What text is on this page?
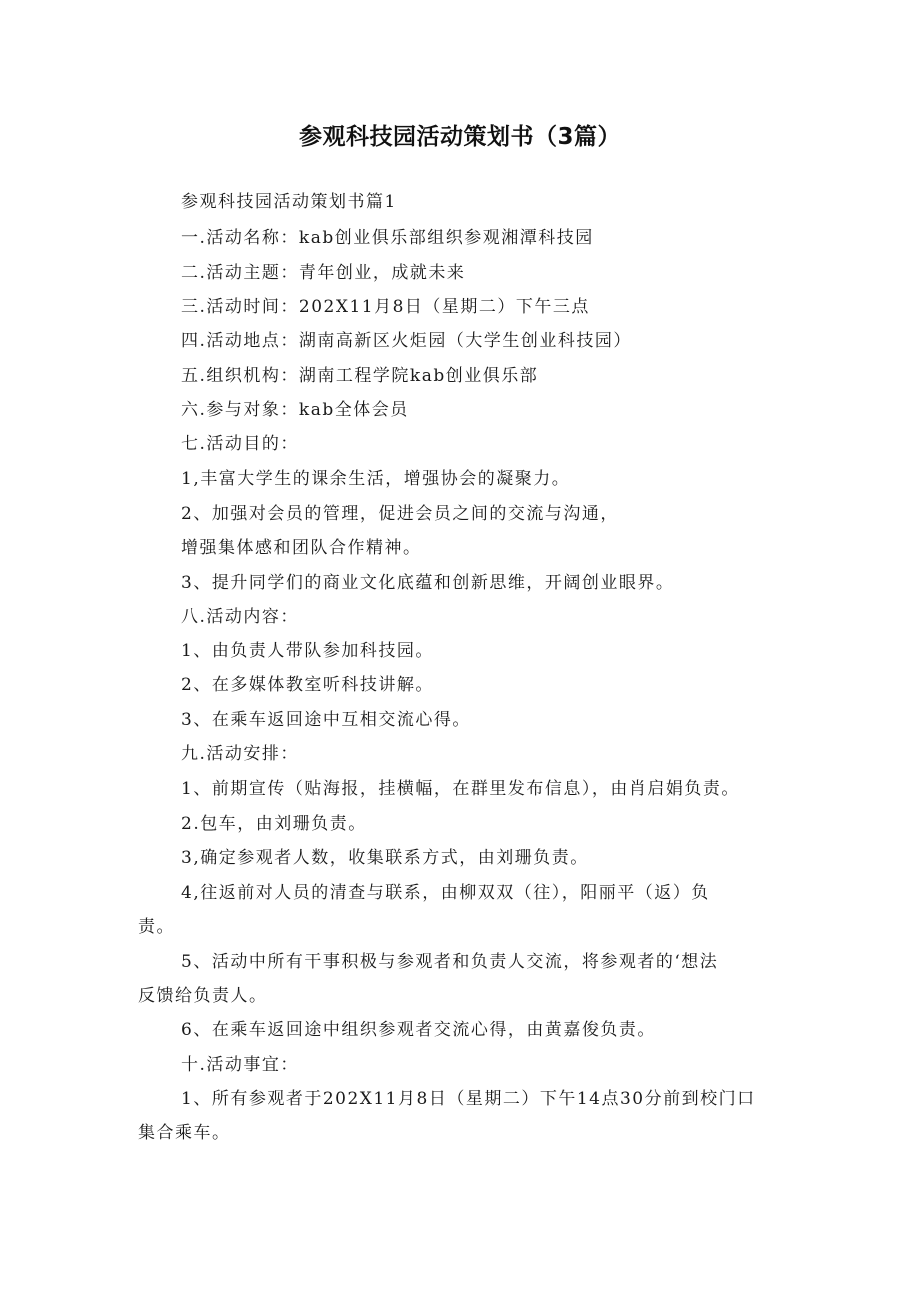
参观科技园活动策划书（3篇）
参观科技园活动策划书篇1
一.活动名称：kab创业俱乐部组织参观湘潭科技园
二.活动主题：青年创业，成就未来
三.活动时间：202X11月8日（星期二）下午三点
四.活动地点：湖南高新区火炬园（大学生创业科技园）
五.组织机构：湖南工程学院kab创业俱乐部
六.参与对象：kab全体会员
七.活动目的：
1,丰富大学生的课余生活，增强协会的凝聚力。
2、加强对会员的管理，促进会员之间的交流与沟通，
增强集体感和团队合作精神。
3、提升同学们的商业文化底蕴和创新思维，开阔创业眼界。
八.活动内容：
1、由负责人带队参加科技园。
2、在多媒体教室听科技讲解。
3、在乘车返回途中互相交流心得。
九.活动安排：
1、前期宣传（贴海报，挂横幅，在群里发布信息），由肖启娟负责。
2.包车，由刘珊负责。
3,确定参观者人数，收集联系方式，由刘珊负责。
4,往返前对人员的清查与联系，由柳双双（往），阳丽平（返）负
责。
5、活动中所有干事积极与参观者和负责人交流，将参观者的‘想法
反馈给负责人。
6、在乘车返回途中组织参观者交流心得，由黄嘉俊负责。
十.活动事宜：
1、所有参观者于202X11月8日（星期二）下午14点30分前到校门口
集合乘车。
